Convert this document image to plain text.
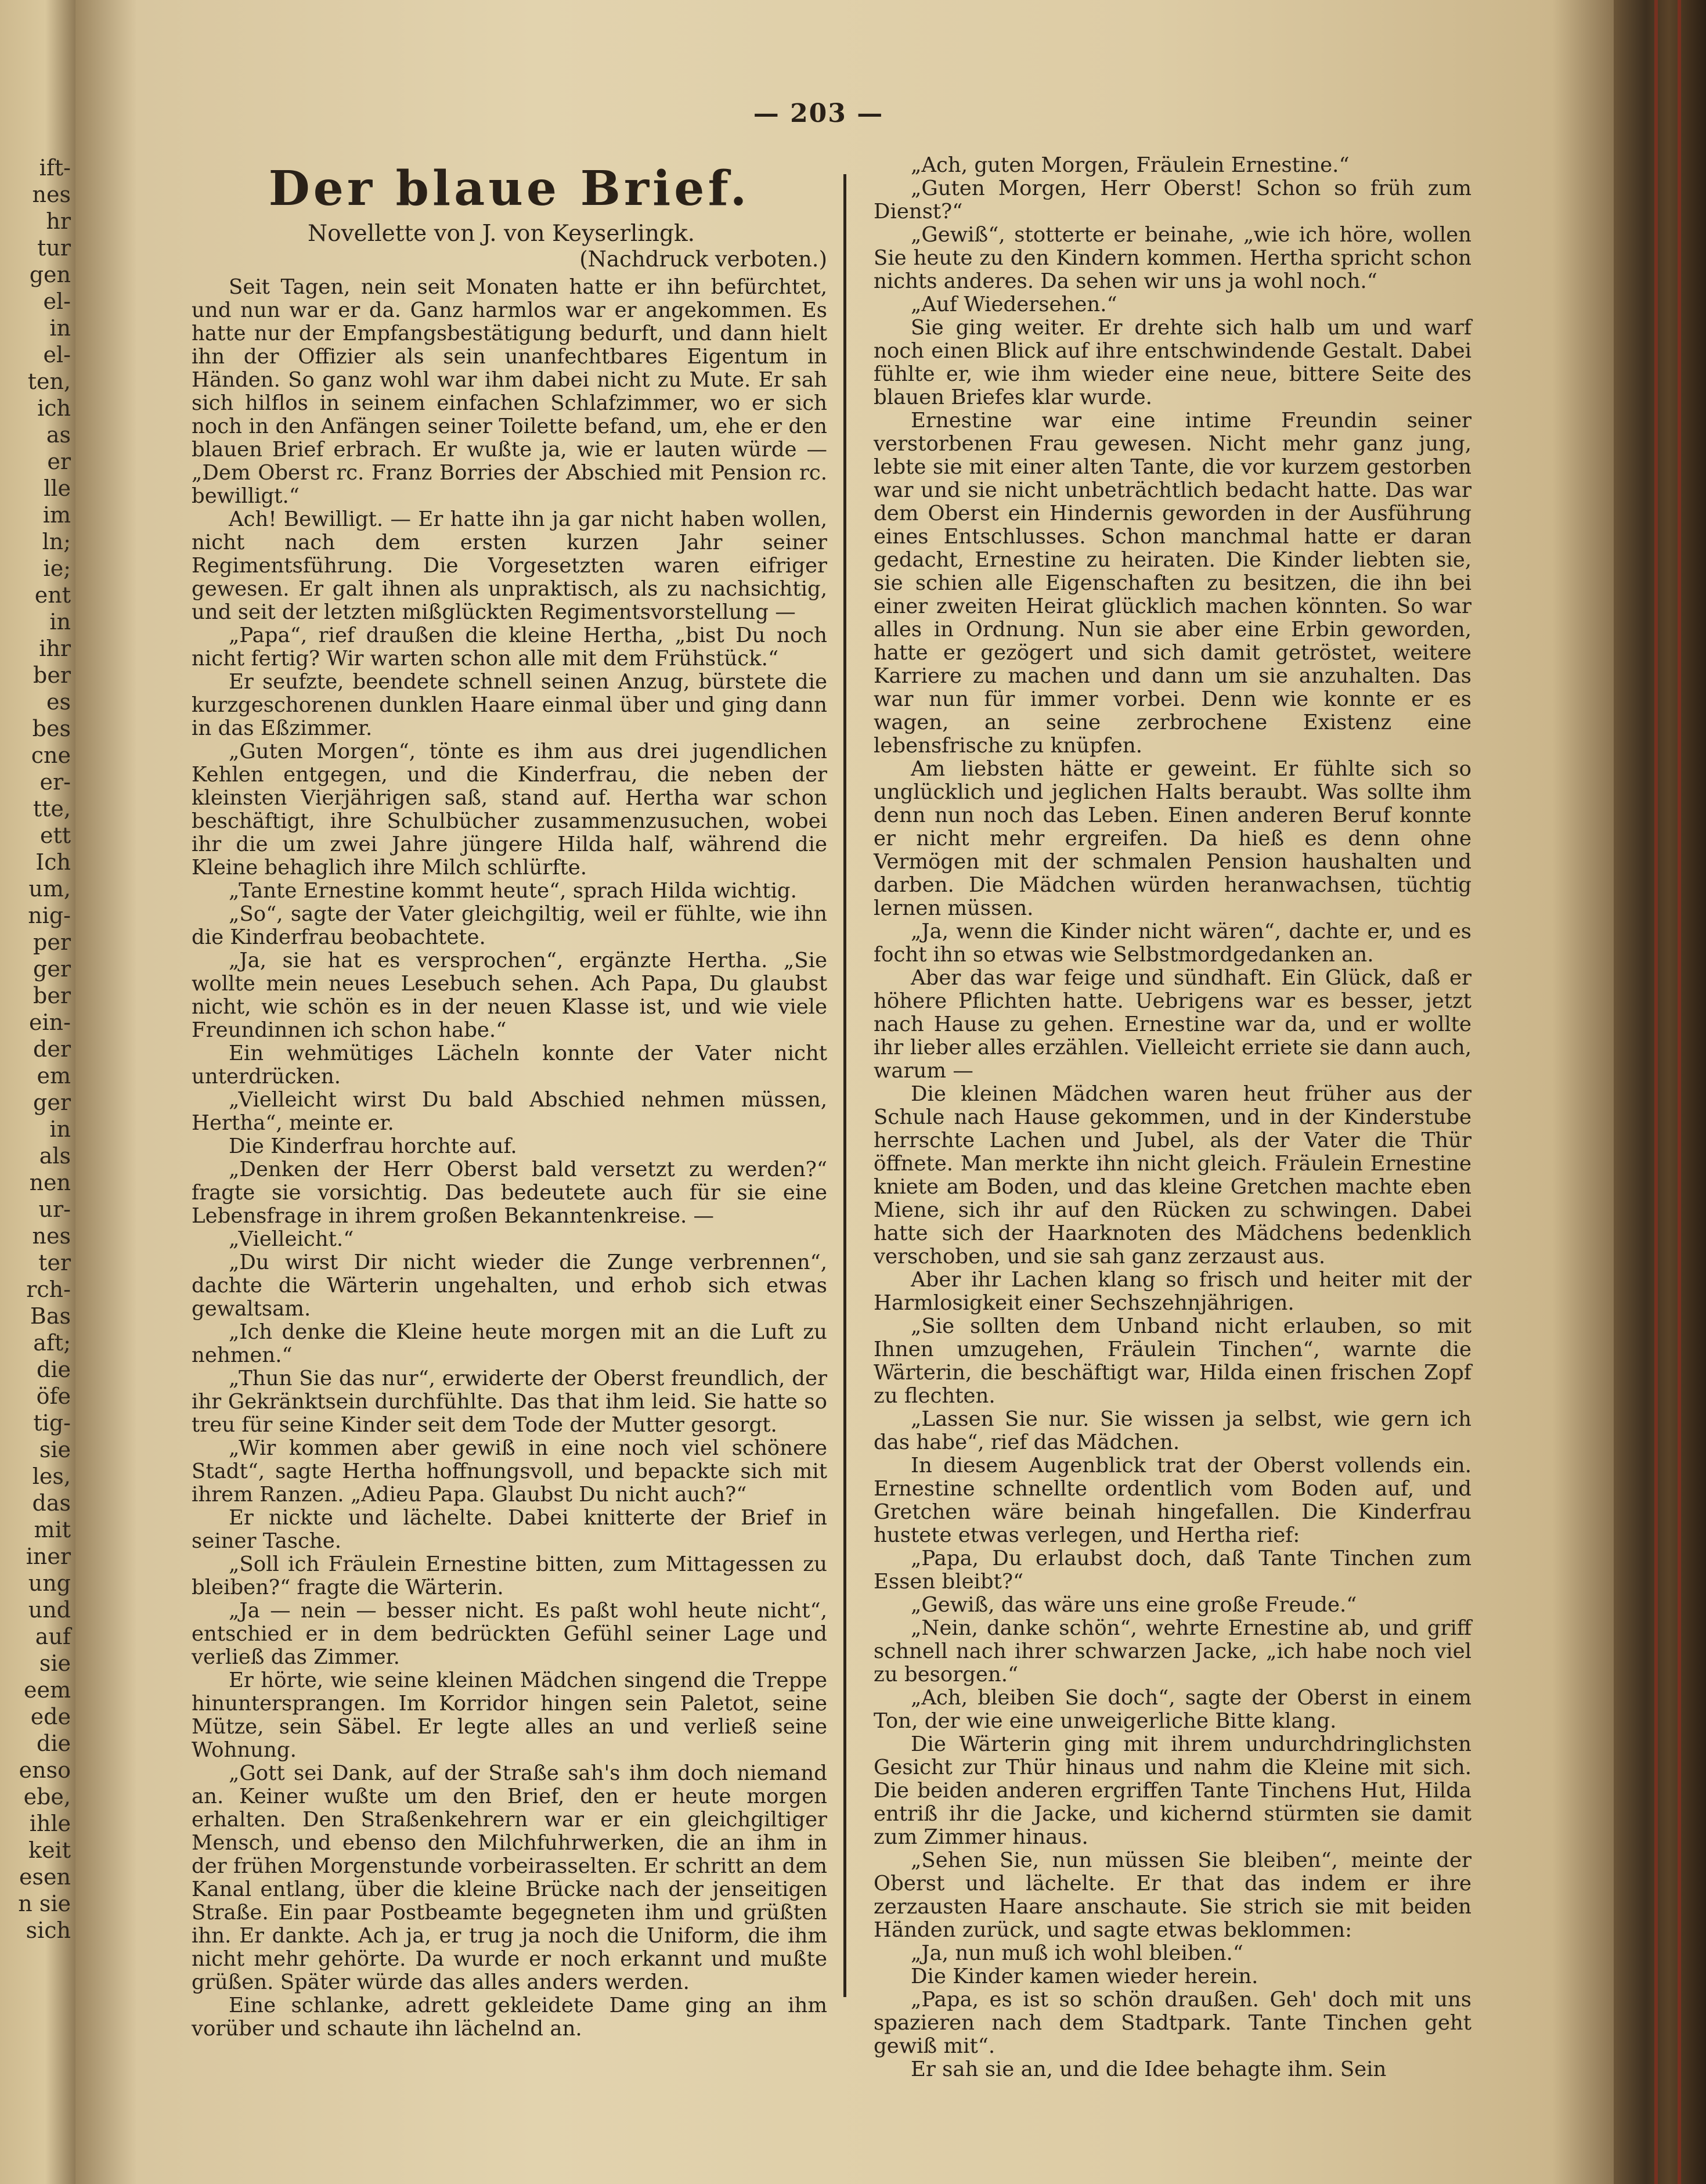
ift-
nes
hr
tur
gen
el-
in
el-
ten,
ich
as
er
lle
im
ln;
ie;
ent
in
ihr
ber
es
bes
cne
er-
tte,
ett
Ich
um,
nig-
per
ger
ber
ein-
der
em
ger
in
als
nen
ur-
nes
ter
rch-
Bas
aft;
die
öfe
tig-
sie
les,
das
mit
iner
ung
und
auf
sie
eem
ede
die
enso
ebe,
ihle
keit
esen
n sie
sich
— 203 —
Der blaue Brief.
Novellette von J. von Keyserlingk.
(Nachdruck verboten.)

Seit Tagen, nein seit Monaten hatte er ihn befürchtet, und nun war er da. Ganz harmlos war er angekommen. Es hatte nur der Empfangsbestätigung bedurft, und dann hielt ihn der Offizier als sein unanfechtbares Eigentum in Händen. So ganz wohl war ihm dabei nicht zu Mute. Er sah sich hilflos in seinem einfachen Schlafzimmer, wo er sich noch in den Anfängen seiner Toilette befand, um, ehe er den blauen Brief erbrach. Er wußte ja, wie er lauten würde — „Dem Oberst rc. Franz Borries der Abschied mit Pension rc. bewilligt.“

Ach! Bewilligt. — Er hatte ihn ja gar nicht haben wollen, nicht nach dem ersten kurzen Jahr seiner Regimentsführung. Die Vorgesetzten waren eifriger gewesen. Er galt ihnen als unpraktisch, als zu nachsichtig, und seit der letzten mißglückten Regimentsvorstellung —

„Papa“, rief draußen die kleine Hertha, „bist Du noch nicht fertig? Wir warten schon alle mit dem Frühstück.“

Er seufzte, beendete schnell seinen Anzug, bürstete die kurzgeschorenen dunklen Haare einmal über und ging dann in das Eßzimmer.

„Guten Morgen“, tönte es ihm aus drei jugendlichen Kehlen entgegen, und die Kinderfrau, die neben der kleinsten Vierjährigen saß, stand auf. Hertha war schon beschäftigt, ihre Schulbücher zusammenzusuchen, wobei ihr die um zwei Jahre jüngere Hilda half, während die Kleine behaglich ihre Milch schlürfte.

„Tante Ernestine kommt heute“, sprach Hilda wichtig.

„So“, sagte der Vater gleichgiltig, weil er fühlte, wie ihn die Kinderfrau beobachtete.

„Ja, sie hat es versprochen“, ergänzte Hertha. „Sie wollte mein neues Lesebuch sehen. Ach Papa, Du glaubst nicht, wie schön es in der neuen Klasse ist, und wie viele Freundinnen ich schon habe.“

Ein wehmütiges Lächeln konnte der Vater nicht unterdrücken.

„Vielleicht wirst Du bald Abschied nehmen müssen, Hertha“, meinte er.

Die Kinderfrau horchte auf.

„Denken der Herr Oberst bald versetzt zu werden?“ fragte sie vorsichtig. Das bedeutete auch für sie eine Lebensfrage in ihrem großen Bekanntenkreise. —

„Vielleicht.“

„Du wirst Dir nicht wieder die Zunge verbrennen“, dachte die Wärterin ungehalten, und erhob sich etwas gewaltsam.

„Ich denke die Kleine heute morgen mit an die Luft zu nehmen.“

„Thun Sie das nur“, erwiderte der Oberst freundlich, der ihr Gekränktsein durchfühlte. Das that ihm leid. Sie hatte so treu für seine Kinder seit dem Tode der Mutter gesorgt.

„Wir kommen aber gewiß in eine noch viel schönere Stadt“, sagte Hertha hoffnungsvoll, und bepackte sich mit ihrem Ranzen. „Adieu Papa. Glaubst Du nicht auch?“

Er nickte und lächelte. Dabei knitterte der Brief in seiner Tasche.

„Soll ich Fräulein Ernestine bitten, zum Mittagessen zu bleiben?“ fragte die Wärterin.

„Ja — nein — besser nicht. Es paßt wohl heute nicht“, entschied er in dem bedrückten Gefühl seiner Lage und verließ das Zimmer.

Er hörte, wie seine kleinen Mädchen singend die Treppe hinuntersprangen. Im Korridor hingen sein Paletot, seine Mütze, sein Säbel. Er legte alles an und verließ seine Wohnung.

„Gott sei Dank, auf der Straße sah's ihm doch niemand an. Keiner wußte um den Brief, den er heute morgen erhalten. Den Straßenkehrern war er ein gleichgiltiger Mensch, und ebenso den Milchfuhrwerken, die an ihm in der frühen Morgenstunde vorbeirasselten. Er schritt an dem Kanal entlang, über die kleine Brücke nach der jenseitigen Straße. Ein paar Postbeamte begegneten ihm und grüßten ihn. Er dankte. Ach ja, er trug ja noch die Uniform, die ihm nicht mehr gehörte. Da wurde er noch erkannt und mußte grüßen. Später würde das alles anders werden.

Eine schlanke, adrett gekleidete Dame ging an ihm vorüber und schaute ihn lächelnd an.

„Ach, guten Morgen, Fräulein Ernestine.“

„Guten Morgen, Herr Oberst! Schon so früh zum Dienst?“

„Gewiß“, stotterte er beinahe, „wie ich höre, wollen Sie heute zu den Kindern kommen. Hertha spricht schon nichts anderes. Da sehen wir uns ja wohl noch.“

„Auf Wiedersehen.“

Sie ging weiter. Er drehte sich halb um und warf noch einen Blick auf ihre entschwindende Gestalt. Dabei fühlte er, wie ihm wieder eine neue, bittere Seite des blauen Briefes klar wurde.

Ernestine war eine intime Freundin seiner verstorbenen Frau gewesen. Nicht mehr ganz jung, lebte sie mit einer alten Tante, die vor kurzem gestorben war und sie nicht unbeträchtlich bedacht hatte. Das war dem Oberst ein Hindernis geworden in der Ausführung eines Entschlusses. Schon manchmal hatte er daran gedacht, Ernestine zu heiraten. Die Kinder liebten sie, sie schien alle Eigenschaften zu besitzen, die ihn bei einer zweiten Heirat glücklich machen könnten. So war alles in Ordnung. Nun sie aber eine Erbin geworden, hatte er gezögert und sich damit getröstet, weitere Karriere zu machen und dann um sie anzuhalten. Das war nun für immer vorbei. Denn wie konnte er es wagen, an seine zerbrochene Existenz eine lebensfrische zu knüpfen.

Am liebsten hätte er geweint. Er fühlte sich so unglücklich und jeglichen Halts beraubt. Was sollte ihm denn nun noch das Leben. Einen anderen Beruf konnte er nicht mehr ergreifen. Da hieß es denn ohne Vermögen mit der schmalen Pension haushalten und darben. Die Mädchen würden heranwachsen, tüchtig lernen müssen.

„Ja, wenn die Kinder nicht wären“, dachte er, und es focht ihn so etwas wie Selbstmordgedanken an.

Aber das war feige und sündhaft. Ein Glück, daß er höhere Pflichten hatte. Uebrigens war es besser, jetzt nach Hause zu gehen. Ernestine war da, und er wollte ihr lieber alles erzählen. Vielleicht erriete sie dann auch, warum —

Die kleinen Mädchen waren heut früher aus der Schule nach Hause gekommen, und in der Kinderstube herrschte Lachen und Jubel, als der Vater die Thür öffnete. Man merkte ihn nicht gleich. Fräulein Ernestine kniete am Boden, und das kleine Gretchen machte eben Miene, sich ihr auf den Rücken zu schwingen. Dabei hatte sich der Haarknoten des Mädchens bedenklich verschoben, und sie sah ganz zerzaust aus.

Aber ihr Lachen klang so frisch und heiter mit der Harmlosigkeit einer Sechszehnjährigen.

„Sie sollten dem Unband nicht erlauben, so mit Ihnen umzugehen, Fräulein Tinchen“, warnte die Wärterin, die beschäftigt war, Hilda einen frischen Zopf zu flechten.

„Lassen Sie nur. Sie wissen ja selbst, wie gern ich das habe“, rief das Mädchen.

In diesem Augenblick trat der Oberst vollends ein. Ernestine schnellte ordentlich vom Boden auf, und Gretchen wäre beinah hingefallen. Die Kinderfrau hustete etwas verlegen, und Hertha rief:

„Papa, Du erlaubst doch, daß Tante Tinchen zum Essen bleibt?“

„Gewiß, das wäre uns eine große Freude.“

„Nein, danke schön“, wehrte Ernestine ab, und griff schnell nach ihrer schwarzen Jacke, „ich habe noch viel zu besorgen.“

„Ach, bleiben Sie doch“, sagte der Oberst in einem Ton, der wie eine unweigerliche Bitte klang.

Die Wärterin ging mit ihrem undurchdringlichsten Gesicht zur Thür hinaus und nahm die Kleine mit sich. Die beiden anderen ergriffen Tante Tinchens Hut, Hilda entriß ihr die Jacke, und kichernd stürmten sie damit zum Zimmer hinaus.

„Sehen Sie, nun müssen Sie bleiben“, meinte der Oberst und lächelte. Er that das indem er ihre zerzausten Haare anschaute. Sie strich sie mit beiden Händen zurück, und sagte etwas beklommen:

„Ja, nun muß ich wohl bleiben.“

Die Kinder kamen wieder herein.

„Papa, es ist so schön draußen. Geh' doch mit uns spazieren nach dem Stadtpark. Tante Tinchen geht gewiß mit“.

Er sah sie an, und die Idee behagte ihm. Sein
